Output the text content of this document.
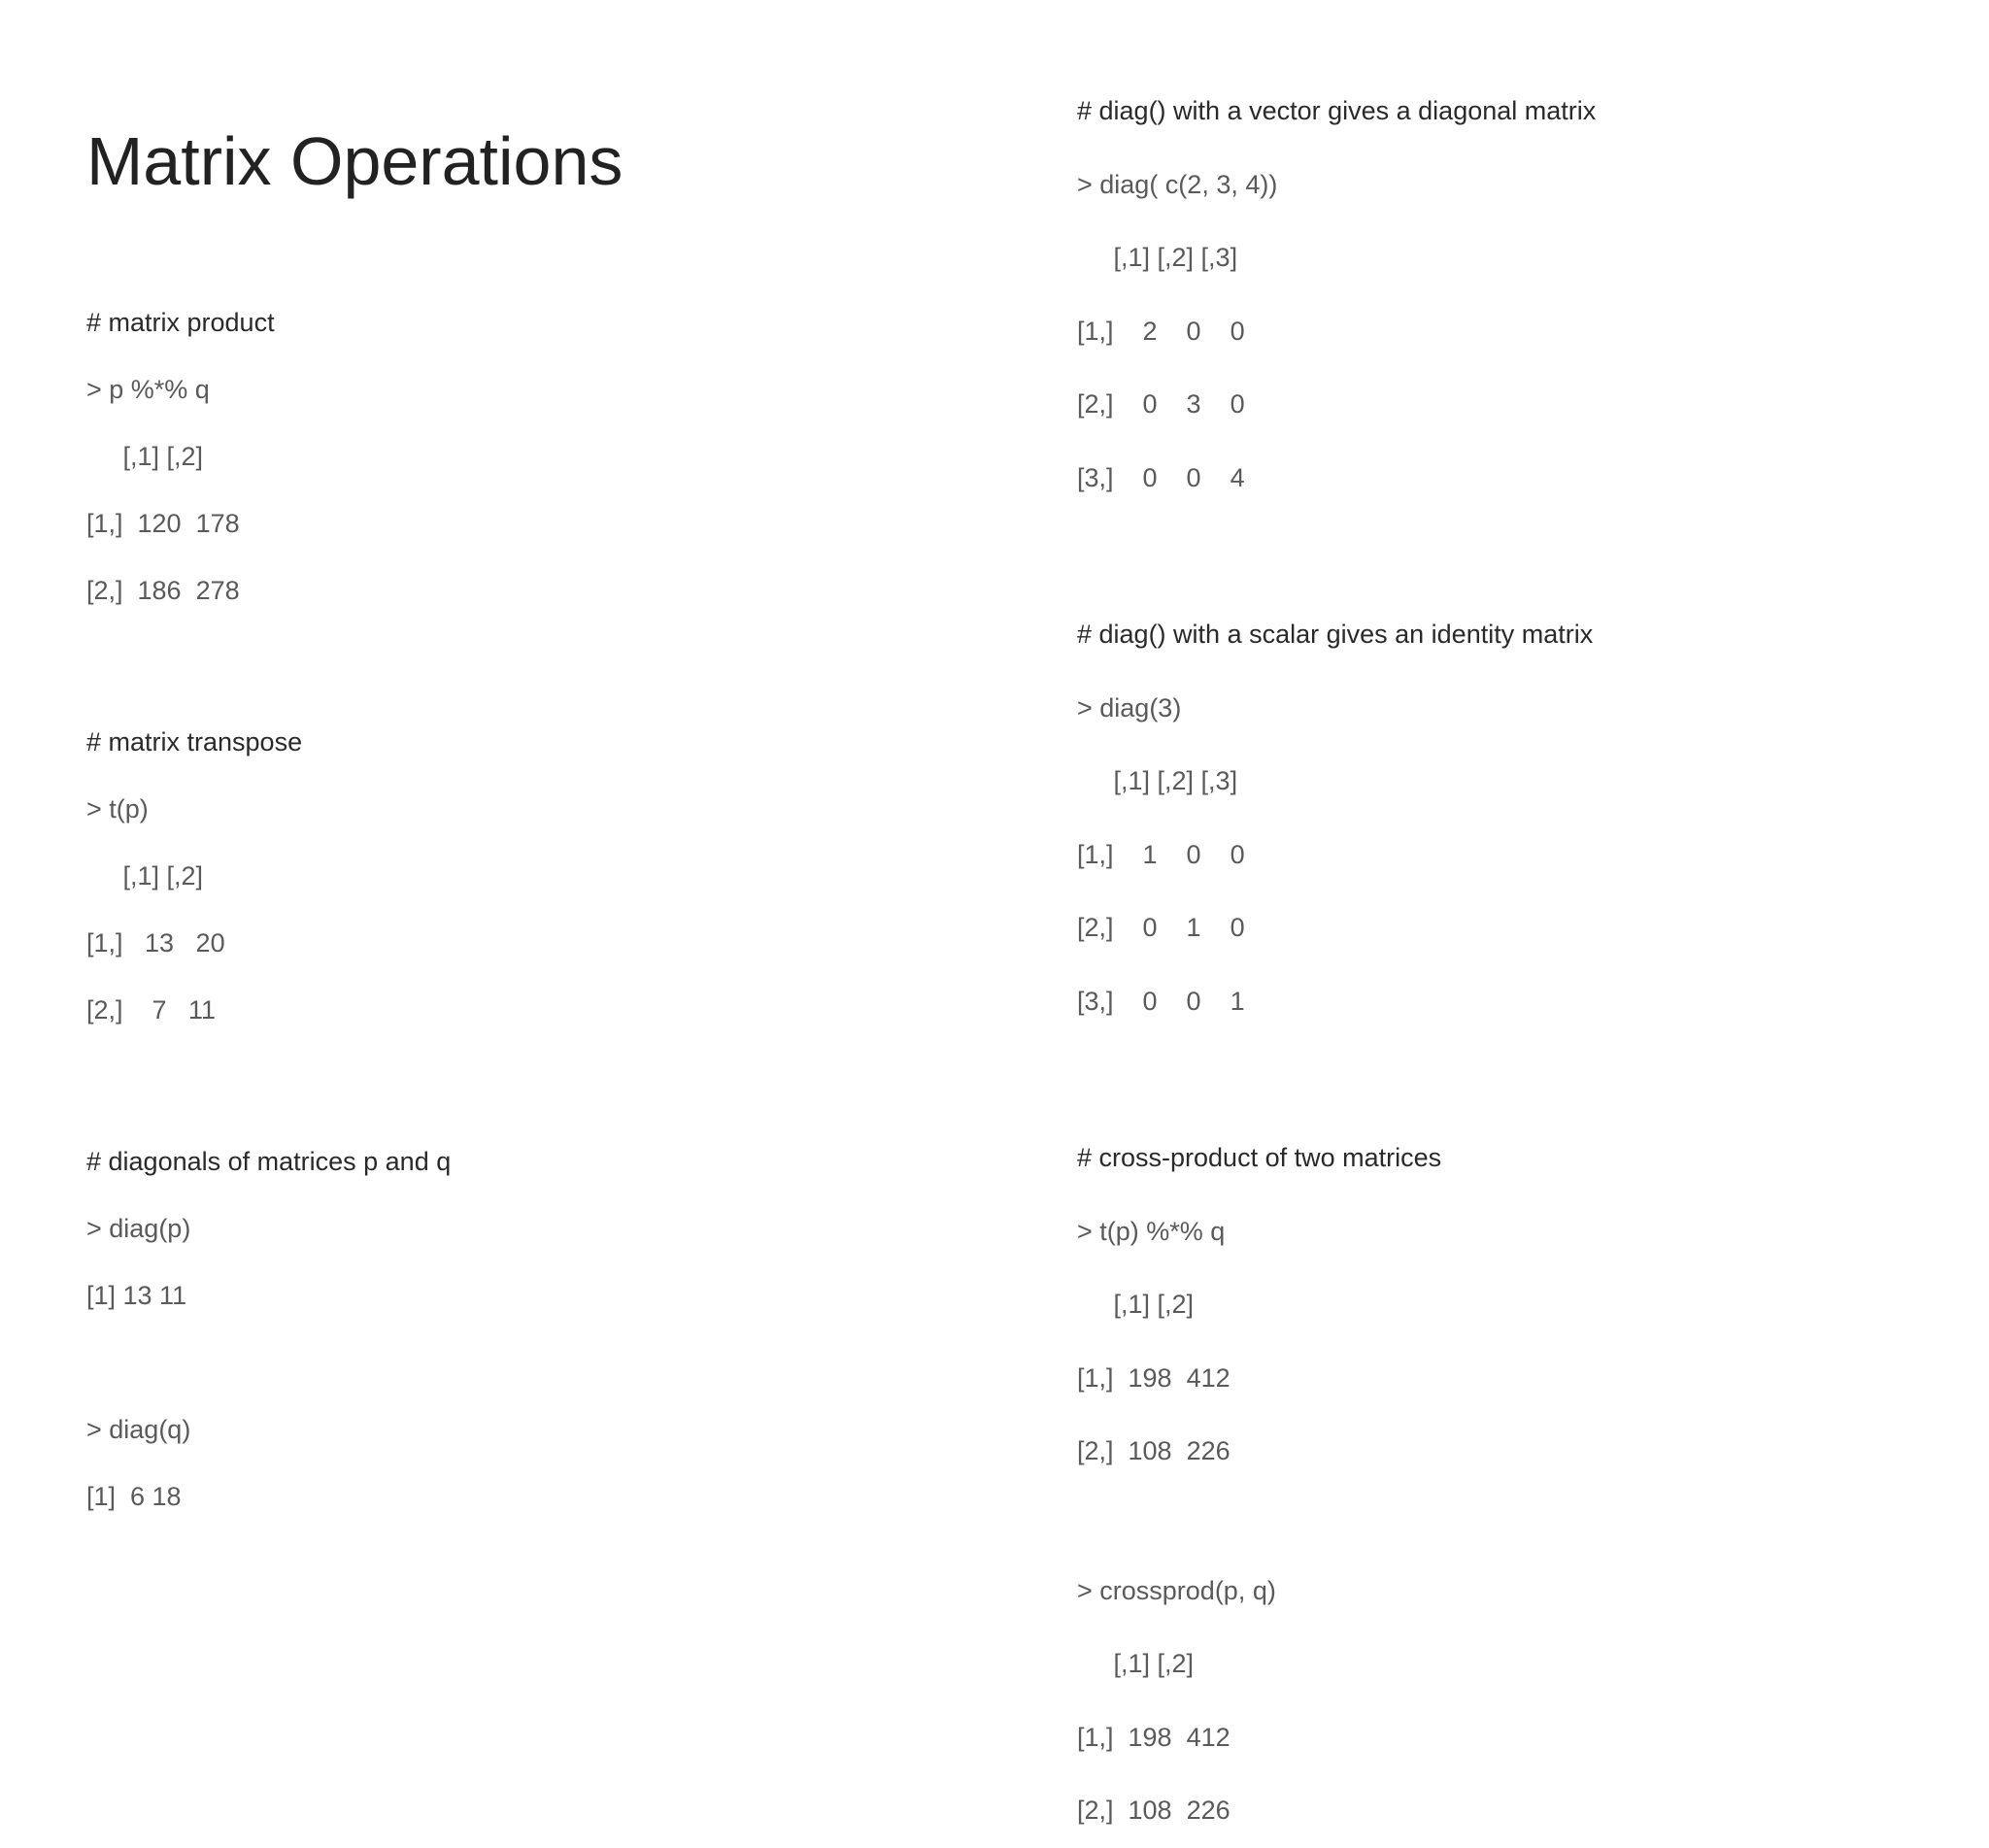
Matrix Operations

# matrix product

> p %*% q

[,1] [,2]

[1,]  120  178

[2,]  186  278

# matrix transpose

> t(p)

[,1] [,2]

[1,]   13   20

[2,]    7   11

# diagonals of matrices p and q

> diag(p)

[1] 13 11

> diag(q)

[1]  6 18

# diag() with a vector gives a diagonal matrix

> diag( c(2, 3, 4))

[,1] [,2] [,3]

[1,]    2    0    0

[2,]    0    3    0

[3,]    0    0    4

# diag() with a scalar gives an identity matrix

> diag(3)

[,1] [,2] [,3]

[1,]    1    0    0

[2,]    0    1    0

[3,]    0    0    1

# cross-product of two matrices

> t(p) %*% q

[,1] [,2]

[1,]  198  412

[2,]  108  226

> crossprod(p, q)

[,1] [,2]

[1,]  198  412

[2,]  108  226
